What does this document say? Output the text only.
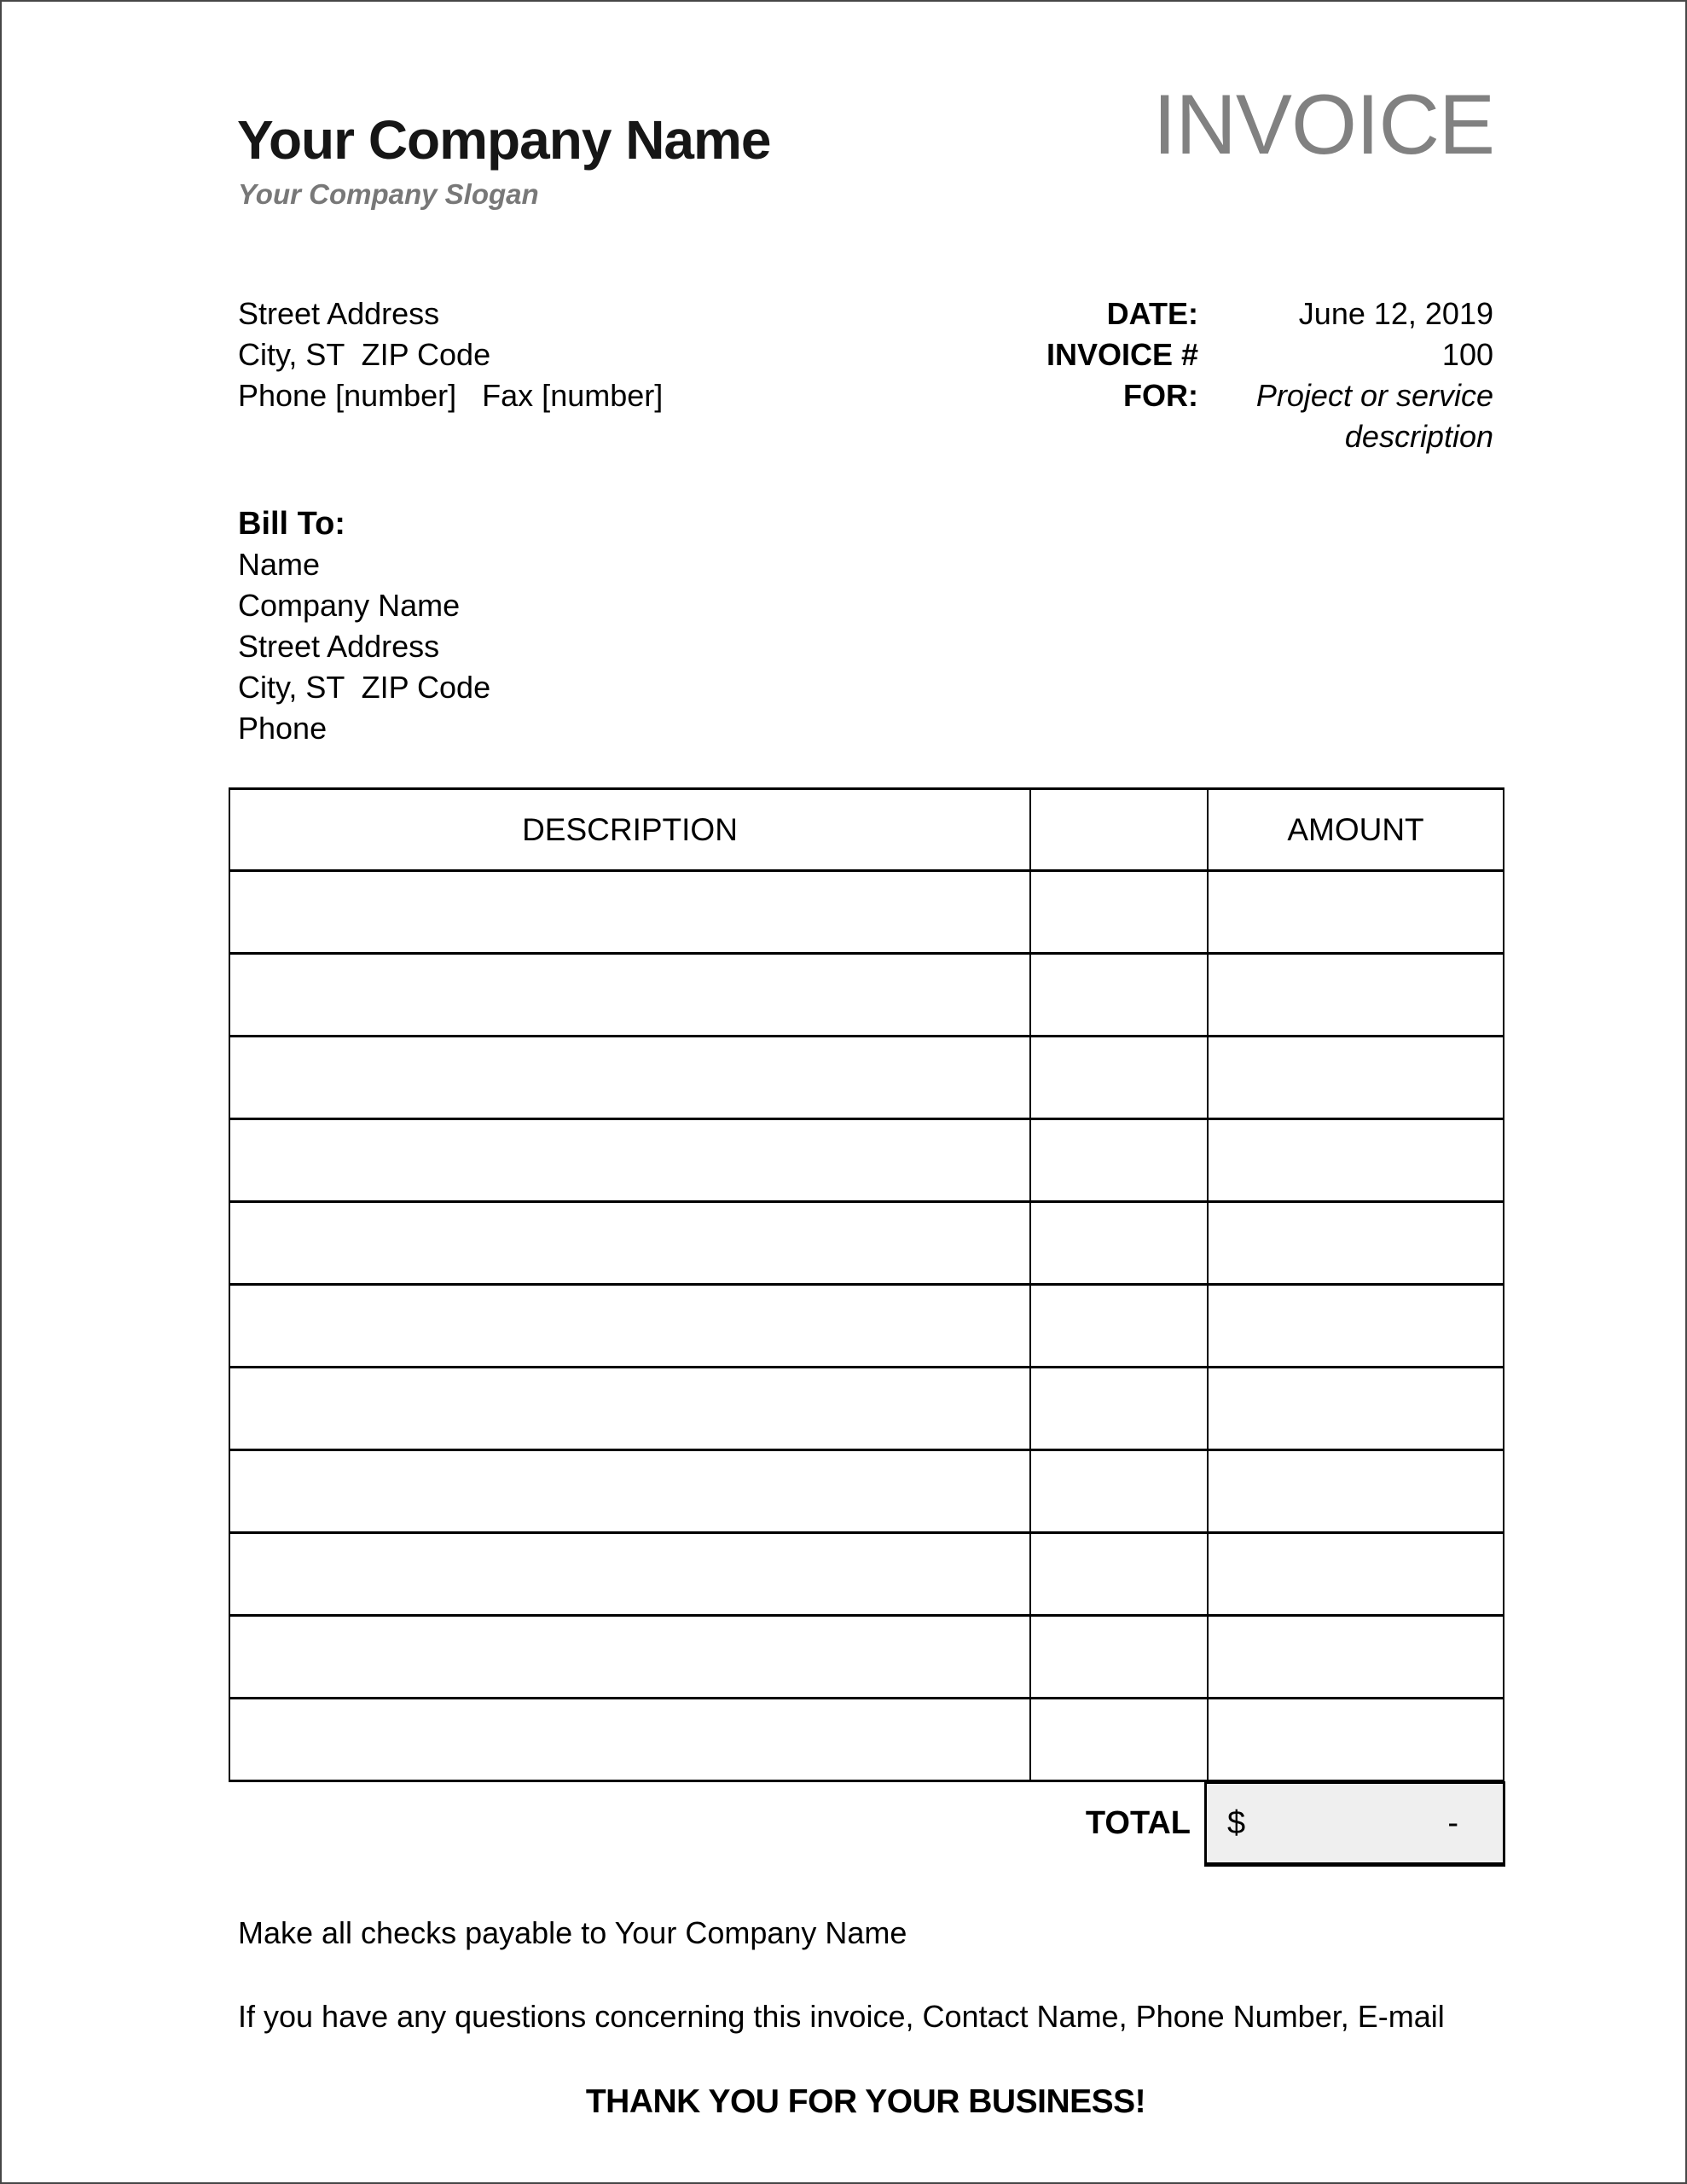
Your Company Name
Your Company Slogan
INVOICE
Street Address
City, ST  ZIP Code
Phone [number]   Fax [number]
DATE:	June 12, 2019
INVOICE #	100
FOR:	Project or service description
Bill To:
Name
Company Name
Street Address
City, ST  ZIP Code
Phone
DESCRIPTION		AMOUNT

TOTAL $	-
Make all checks payable to Your Company Name
If you have any questions concerning this invoice, Contact Name, Phone Number, E-mail
THANK YOU FOR YOUR BUSINESS!
